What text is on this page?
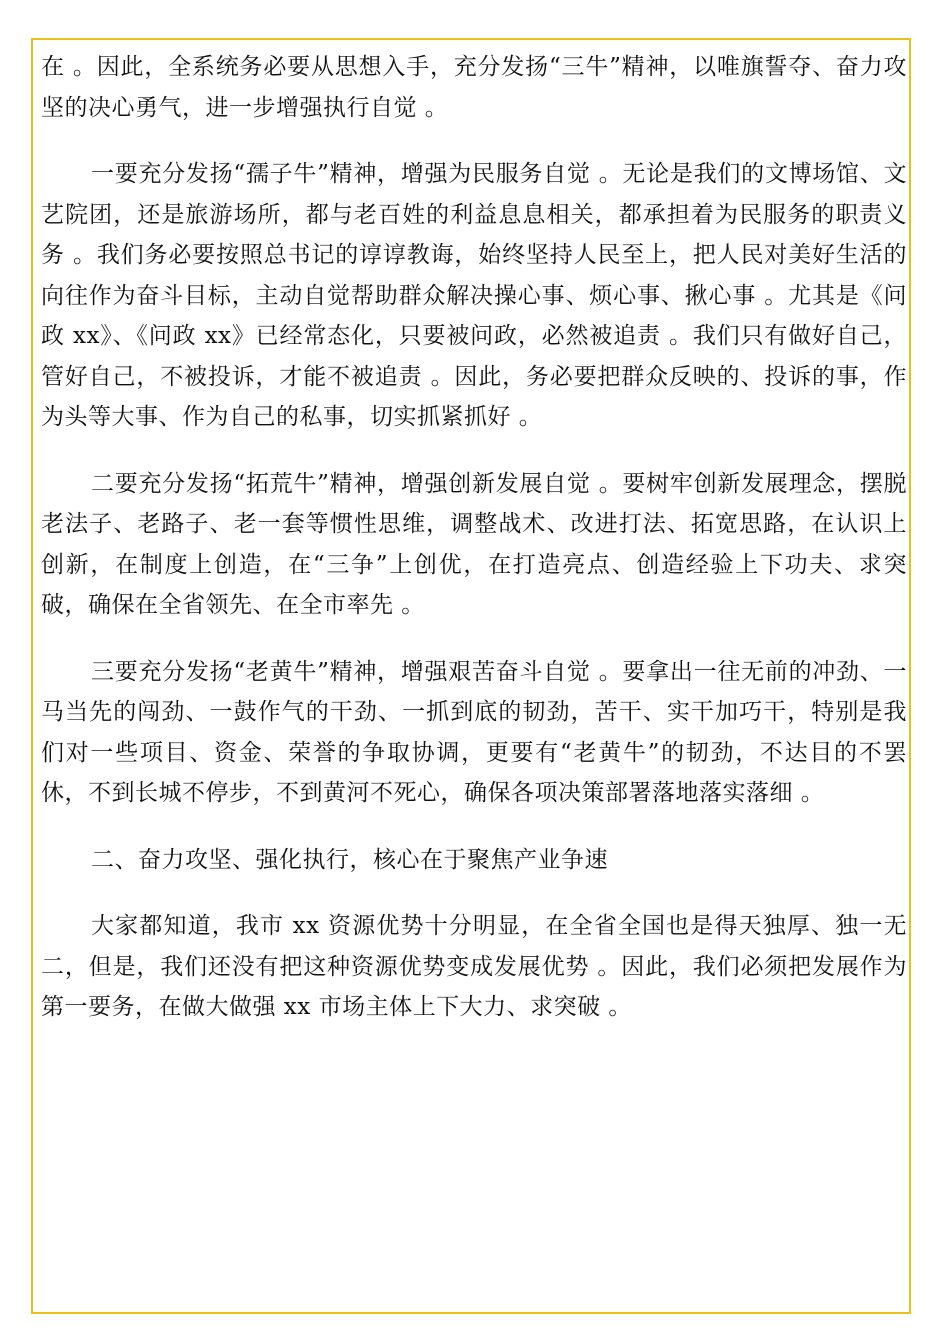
在 。因此，全系统务必要从思想入手，充分发扬“三牛”精神，以唯旗誓夺、奋力攻坚的决心勇气，进一步增强执行自觉 。

一要充分发扬“孺子牛”精神，增强为民服务自觉 。无论是我们的文博场馆、文艺院团，还是旅游场所，都与老百姓的利益息息相关，都承担着为民服务的职责义务 。我们务必要按照总书记的谆谆教诲，始终坚持人民至上，把人民对美好生活的向往作为奋斗目标，主动自觉帮助群众解决操心事、烦心事、揪心事 。尤其是《问政 xx》、《问政 xx》已经常态化，只要被问政，必然被追责 。我们只有做好自己，管好自己，不被投诉，才能不被追责 。因此，务必要把群众反映的、投诉的事，作为头等大事、作为自己的私事，切实抓紧抓好 。

二要充分发扬“拓荒牛”精神，增强创新发展自觉 。要树牢创新发展理念，摆脱老法子、老路子、老一套等惯性思维，调整战术、改进打法、拓宽思路，在认识上创新，在制度上创造，在“三争”上创优，在打造亮点、创造经验上下功夫、求突破，确保在全省领先、在全市率先 。

三要充分发扬“老黄牛”精神，增强艰苦奋斗自觉 。要拿出一往无前的冲劲、一马当先的闯劲、一鼓作气的干劲、一抓到底的韧劲，苦干、实干加巧干，特别是我们对一些项目、资金、荣誉的争取协调，更要有“老黄牛”的韧劲，不达目的不罢休，不到长城不停步，不到黄河不死心，确保各项决策部署落地落实落细 。

二、奋力攻坚、强化执行，核心在于聚焦产业争速

大家都知道，我市 xx 资源优势十分明显，在全省全国也是得天独厚、独一无二，但是，我们还没有把这种资源优势变成发展优势 。因此，我们必须把发展作为第一要务，在做大做强 xx 市场主体上下大力、求突破 。
